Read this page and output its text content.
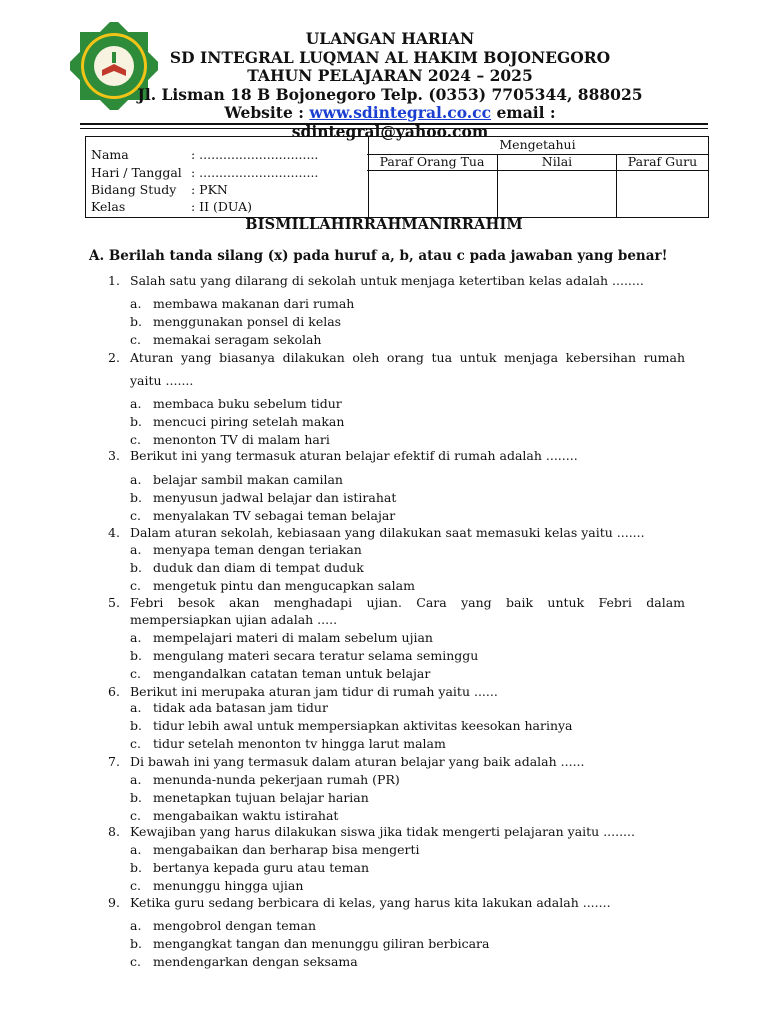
ULANGAN HARIAN
SD INTEGRAL LUQMAN AL HAKIM BOJONEGORO
TAHUN PELAJARAN 2024 – 2025
Jl. Lisman 18 B Bojonegoro Telp. (0353) 7705344, 888025
Website : www.sdintegral.co.cc email : sdintegral@yahoo.com
Nama	: ..............................
Hari / Tanggal : ..............................
Bidang Study	: PKN
Kelas	: II (DUA)
Mengetahui
Paraf Orang Tua	Nilai	Paraf Guru
BISMILLAHIRRAHMANIRRAHIM
A. Berilah tanda silang (x) pada huruf a, b, atau c pada jawaban yang benar!
1. Salah satu yang dilarang di sekolah untuk menjaga ketertiban kelas adalah ........
a. membawa makanan dari rumah
b. menggunakan ponsel di kelas
c. memakai seragam sekolah
2. Aturan yang biasanya dilakukan oleh orang tua untuk menjaga kebersihan rumah
yaitu .......
a. membaca buku sebelum tidur
b. mencuci piring setelah makan
c. menonton TV di malam hari
3. Berikut ini yang termasuk aturan belajar efektif di rumah adalah ........
a. belajar sambil makan camilan
b. menyusun jadwal belajar dan istirahat
c. menyalakan TV sebagai teman belajar
4. Dalam aturan sekolah, kebiasaan yang dilakukan saat memasuki kelas yaitu .......
a. menyapa teman dengan teriakan
b. duduk dan diam di tempat duduk
c. mengetuk pintu dan mengucapkan salam
5. Febri besok akan menghadapi ujian. Cara yang baik untuk Febri dalam
mempersiapkan ujian adalah .....
a. mempelajari materi di malam sebelum ujian
b. mengulang materi secara teratur selama seminggu
c. mengandalkan catatan teman untuk belajar
6. Berikut ini merupaka aturan jam tidur di rumah yaitu ......
a. tidak ada batasan jam tidur
b. tidur lebih awal untuk mempersiapkan aktivitas keesokan harinya
c. tidur setelah menonton tv hingga larut malam
7. Di bawah ini yang termasuk dalam aturan belajar yang baik adalah ......
a. menunda-nunda pekerjaan rumah (PR)
b. menetapkan tujuan belajar harian
c. mengabaikan waktu istirahat
8. Kewajiban yang harus dilakukan siswa jika tidak mengerti pelajaran yaitu ........
a. mengabaikan dan berharap bisa mengerti
b. bertanya kepada guru atau teman
c. menunggu hingga ujian
9. Ketika guru sedang berbicara di kelas, yang harus kita lakukan adalah .......
a. mengobrol dengan teman
b. mengangkat tangan dan menunggu giliran berbicara
c. mendengarkan dengan seksama
